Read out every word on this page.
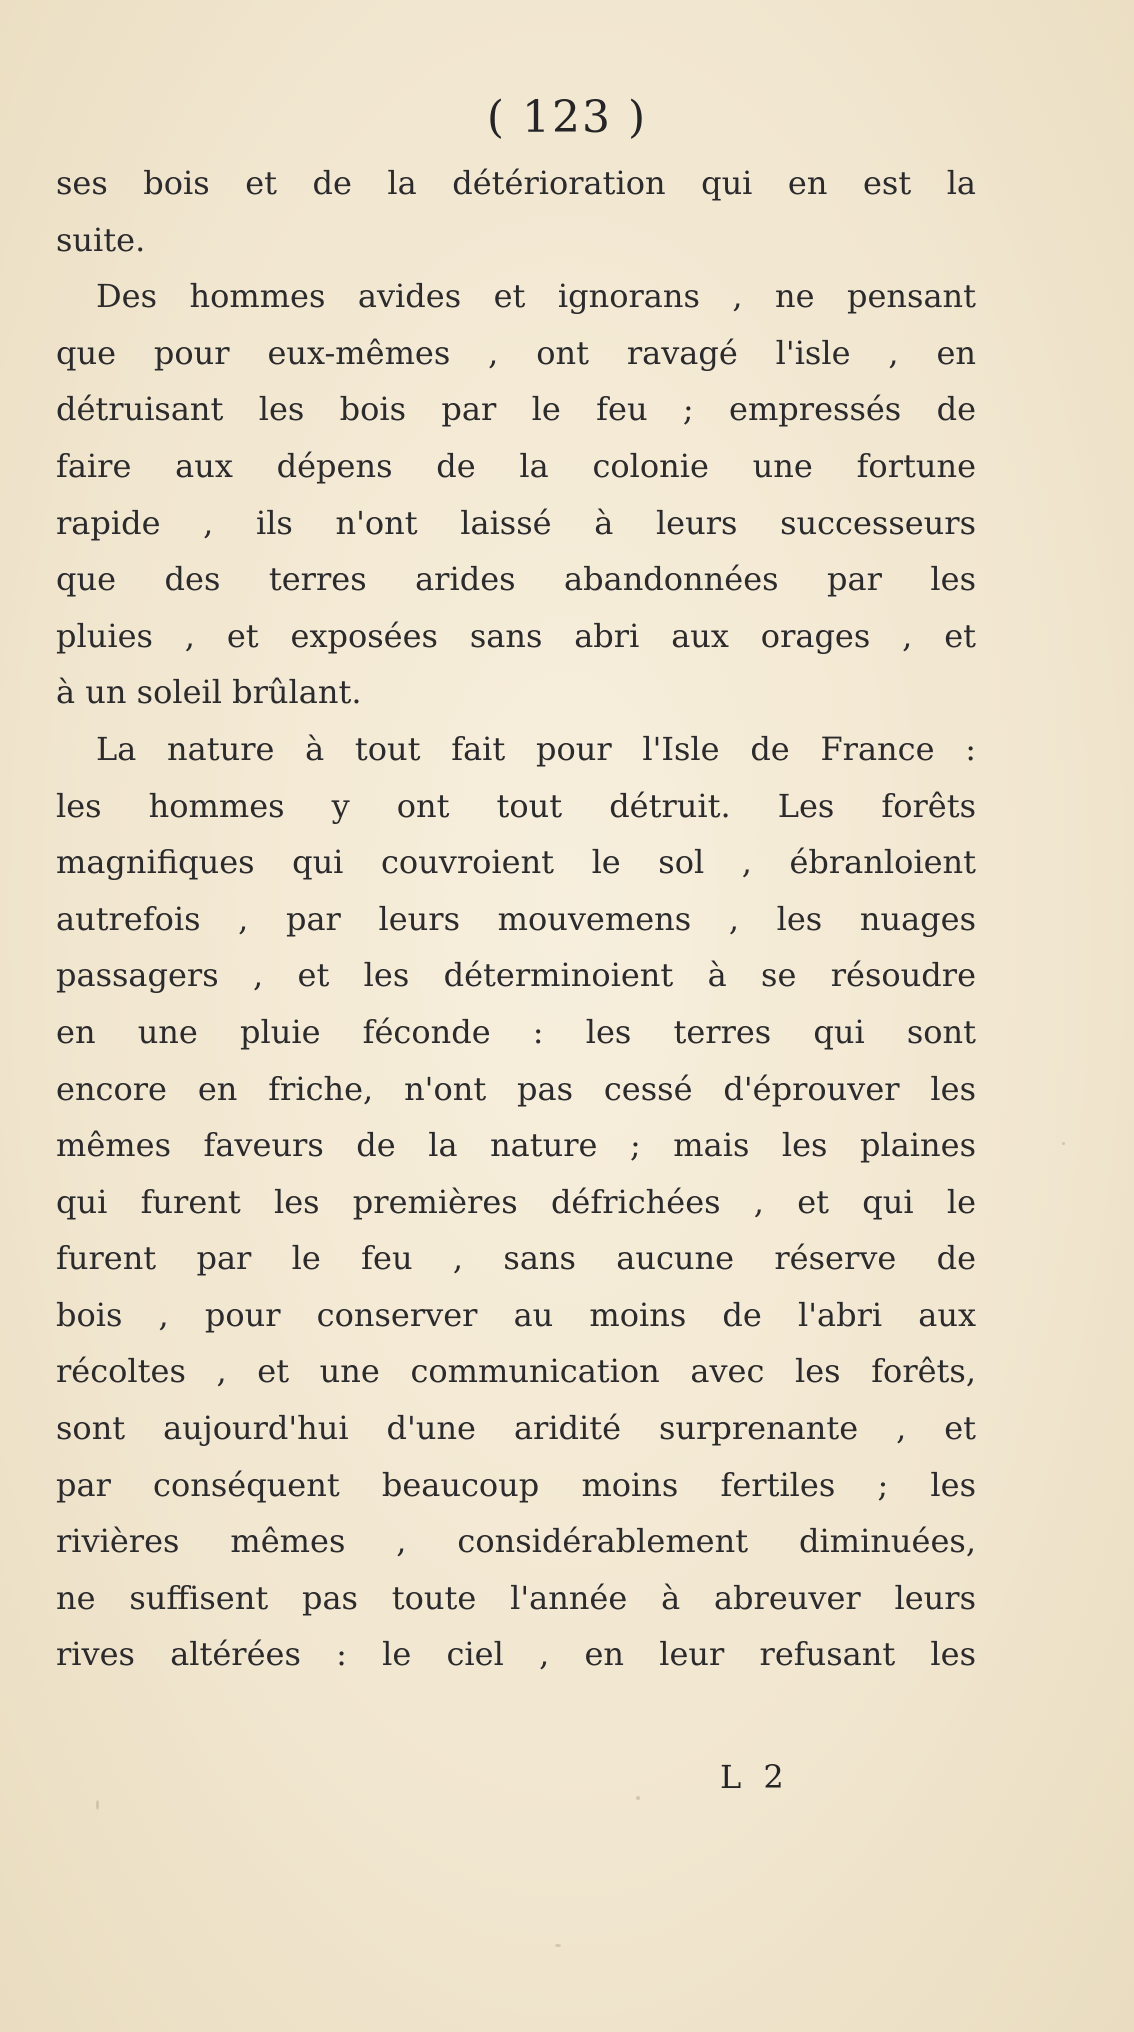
( 123 )
ses bois et de la détérioration qui en est la
suite.
Des hommes avides et ignorans , ne pensant
que pour eux-mêmes , ont ravagé l'isle , en
détruisant les bois par le feu ; empressés de
faire aux dépens de la colonie une fortune
rapide , ils n'ont laissé à leurs successeurs
que des terres arides abandonnées par les
pluies , et exposées sans abri aux orages , et
à un soleil brûlant.
La nature à tout fait pour l'Isle de France :
les hommes y ont tout détruit. Les forêts
magnifiques qui couvroient le sol , ébranloient
autrefois , par leurs mouvemens , les nuages
passagers , et les déterminoient à se résoudre
en une pluie féconde : les terres qui sont
encore en friche, n'ont pas cessé d'éprouver les
mêmes faveurs de la nature ; mais les plaines
qui furent les premières défrichées , et qui le
furent par le feu , sans aucune réserve de
bois , pour conserver au moins de l'abri aux
récoltes , et une communication avec les forêts,
sont aujourd'hui d'une aridité surprenante , et
par conséquent beaucoup moins fertiles ; les
rivières mêmes , considérablement diminuées,
ne suffisent pas toute l'année à abreuver leurs
rives altérées : le ciel , en leur refusant les
L 2
